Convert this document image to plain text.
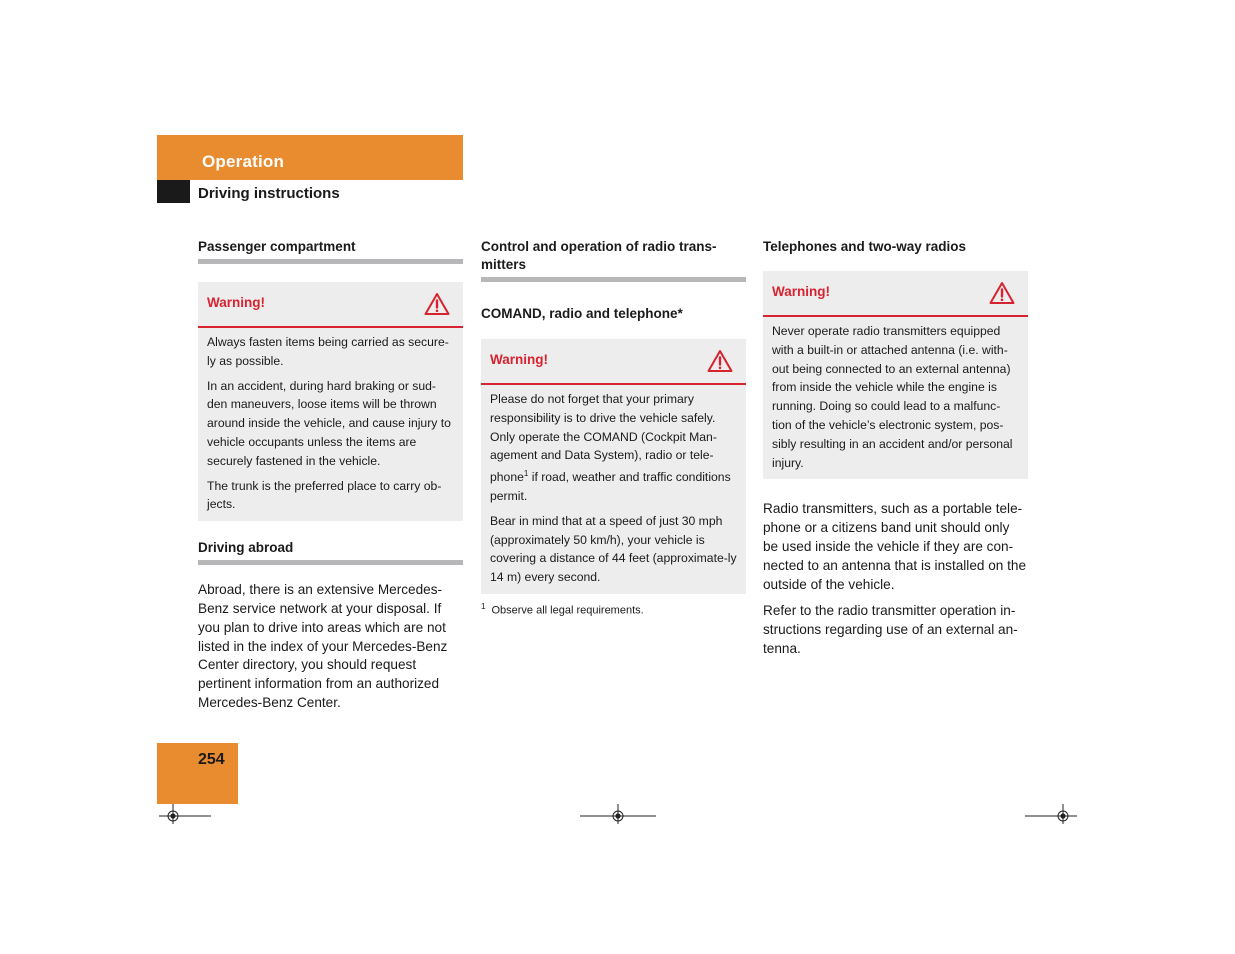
Operation
Driving instructions
Passenger compartment
Warning!

Always fasten items being carried as secure-ly as possible.

In an accident, during hard braking or sud-den maneuvers, loose items will be thrown around inside the vehicle, and cause injury to vehicle occupants unless the items are securely fastened in the vehicle.

The trunk is the preferred place to carry ob-jects.

Driving abroad

Abroad, there is an extensive Mercedes-Benz service network at your disposal. If you plan to drive into areas which are not listed in the index of your Mercedes-Benz Center directory, you should request pertinent information from an authorized Mercedes-Benz Center.

Control and operation of radio trans-mitters
COMAND, radio and telephone*
Warning!

Please do not forget that your primary responsibility is to drive the vehicle safely. Only operate the COMAND (Cockpit Man-agement and Data System), radio or tele-phone$^1$ if road, weather and traffic conditions permit.

Bear in mind that at a speed of just 30 mph (approximately 50 km/h), your vehicle is covering a distance of 44 feet (approximate-ly 14 m) every second.

$^1$ Observe all legal requirements.
Telephones and two-way radios
Warning!

Never operate radio transmitters equipped with a built-in or attached antenna (i.e. with-out being connected to an external antenna) from inside the vehicle while the engine is running. Doing so could lead to a malfunc-tion of the vehicle’s electronic system, pos-sibly resulting in an accident and/or personal injury.

Radio transmitters, such as a portable tele-phone or a citizens band unit should only be used inside the vehicle if they are con-nected to an antenna that is installed on the outside of the vehicle.

Refer to the radio transmitter operation in-structions regarding use of an external an-tenna.

254
